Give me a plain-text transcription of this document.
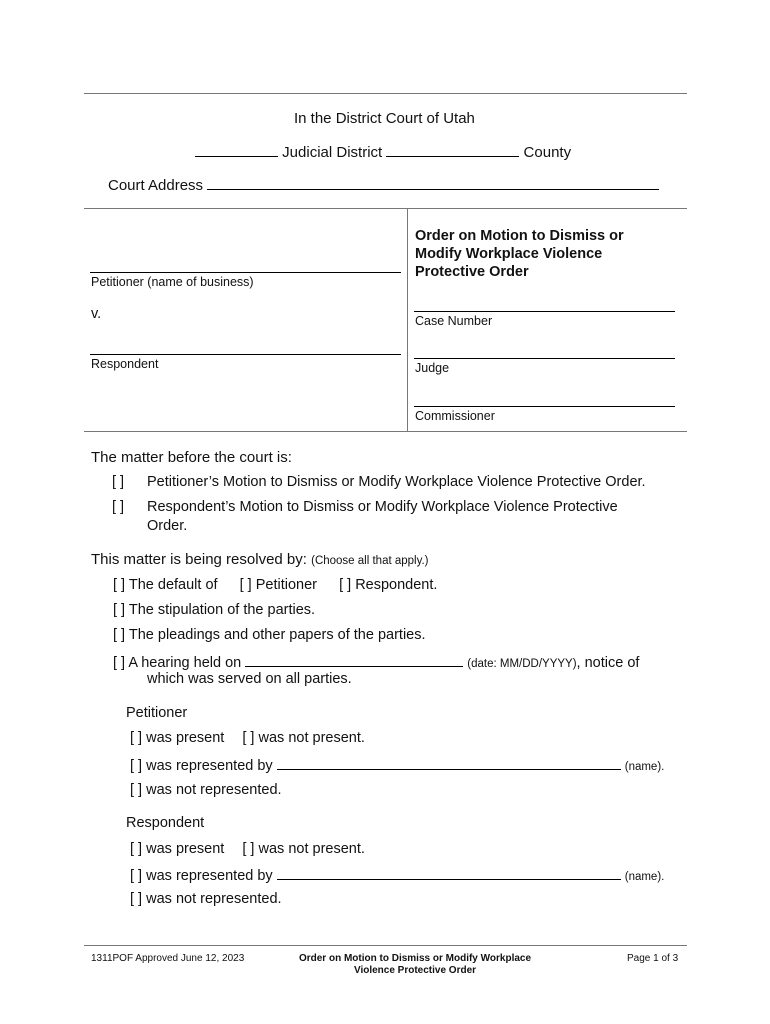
In the District Court of Utah
Judicial District	County
Court Address
Petitioner (name of business)
v.
Respondent
Order on Motion to Dismiss or
Modify Workplace Violence
Protective Order
Case Number
Judge
Commissioner
The matter before the court is:
[ ] Petitioner’s Motion to Dismiss or Modify Workplace Violence Protective Order.
[ ] Respondent’s Motion to Dismiss or Modify Workplace Violence Protective
Order.
This matter is being resolved by: (Choose all that apply.)
[ ] The default of [ ] Petitioner [ ] Respondent.
[ ] The stipulation of the parties.
[ ] The pleadings and other papers of the parties.
[ ] A hearing held on	(date: MM/DD/YYYY), notice of
which was served on all parties.
Petitioner
[ ] was present [ ] was not present.
[ ] was represented by	(name).
[ ] was not represented.
Respondent
[ ] was present [ ] was not present.
[ ] was represented by	(name).
[ ] was not represented.
1311POF Approved June 12, 2023	Order on Motion to Dismiss or Modify Workplace
Violence Protective Order
Page 1 of 3
